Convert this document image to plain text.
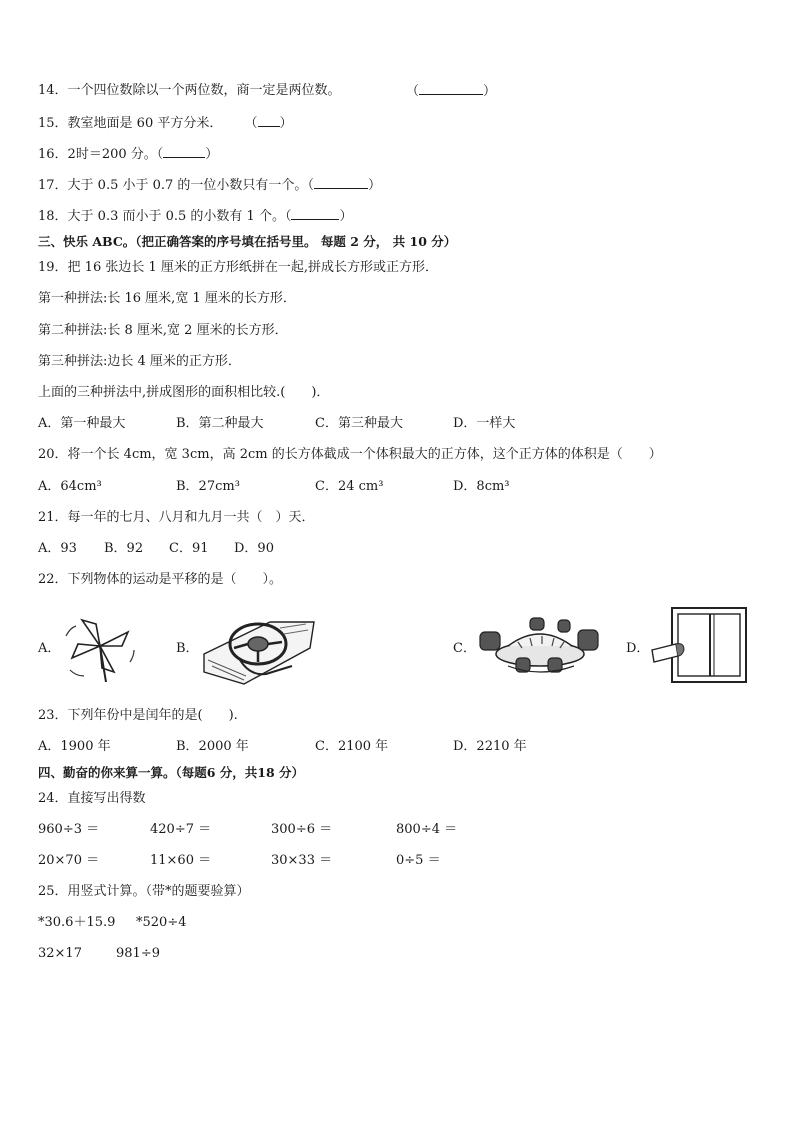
14．一个四位数除以一个两位数，商一定是两位数。	（	）
15．教室地面是 60 平方分米． （ ）
16．2时＝200 分。（	）
17．大于 0.5 小于 0.7 的一位小数只有一个。（	）
18．大于 0.3 而小于 0.5 的小数有 1 个。（	）
三、快乐 ABC。（把正确答案的序号填在括号里。 每题 2 分， 共 10 分）
19．把 16 张边长 1 厘米的正方形纸拼在一起,拼成长方形或正方形．
第一种拼法:长 16 厘米,宽 1 厘米的长方形．
第二种拼法:长 8 厘米,宽 2 厘米的长方形．
第三种拼法:边长 4 厘米的正方形．
上面的三种拼法中,拼成图形的面积相比较.(　　)．
A．第一种最大	B．第二种最大	C．第三种最大	D．一样大
20．将一个长 4cm，宽 3cm，高 2cm 的长方体截成一个体积最大的正方体，这个正方体的体积是（　　）
A．64cm³	B．27cm³	C．24 cm³	D．8cm³
21．每一年的七月、八月和九月一共（　）天．
A．93 B．92 C．91 D．90
22．下列物体的运动是平移的是（　　）。
A．	B．	C．	D．
23．下列年份中是闰年的是(　　).
A．1900 年	B．2000 年	C．2100 年	D．2210 年
四、勤奋的你来算一算。（每题6 分，共18 分）
24．直接写出得数
960÷3 ＝	420÷7 ＝	300÷6 ＝	800÷4 ＝
20×70 ＝	11×60 ＝	30×33 ＝	0÷5 ＝
25．用竖式计算。（带*的题要验算）
*30.6＋15.9 *520÷4
32×17	981÷9
